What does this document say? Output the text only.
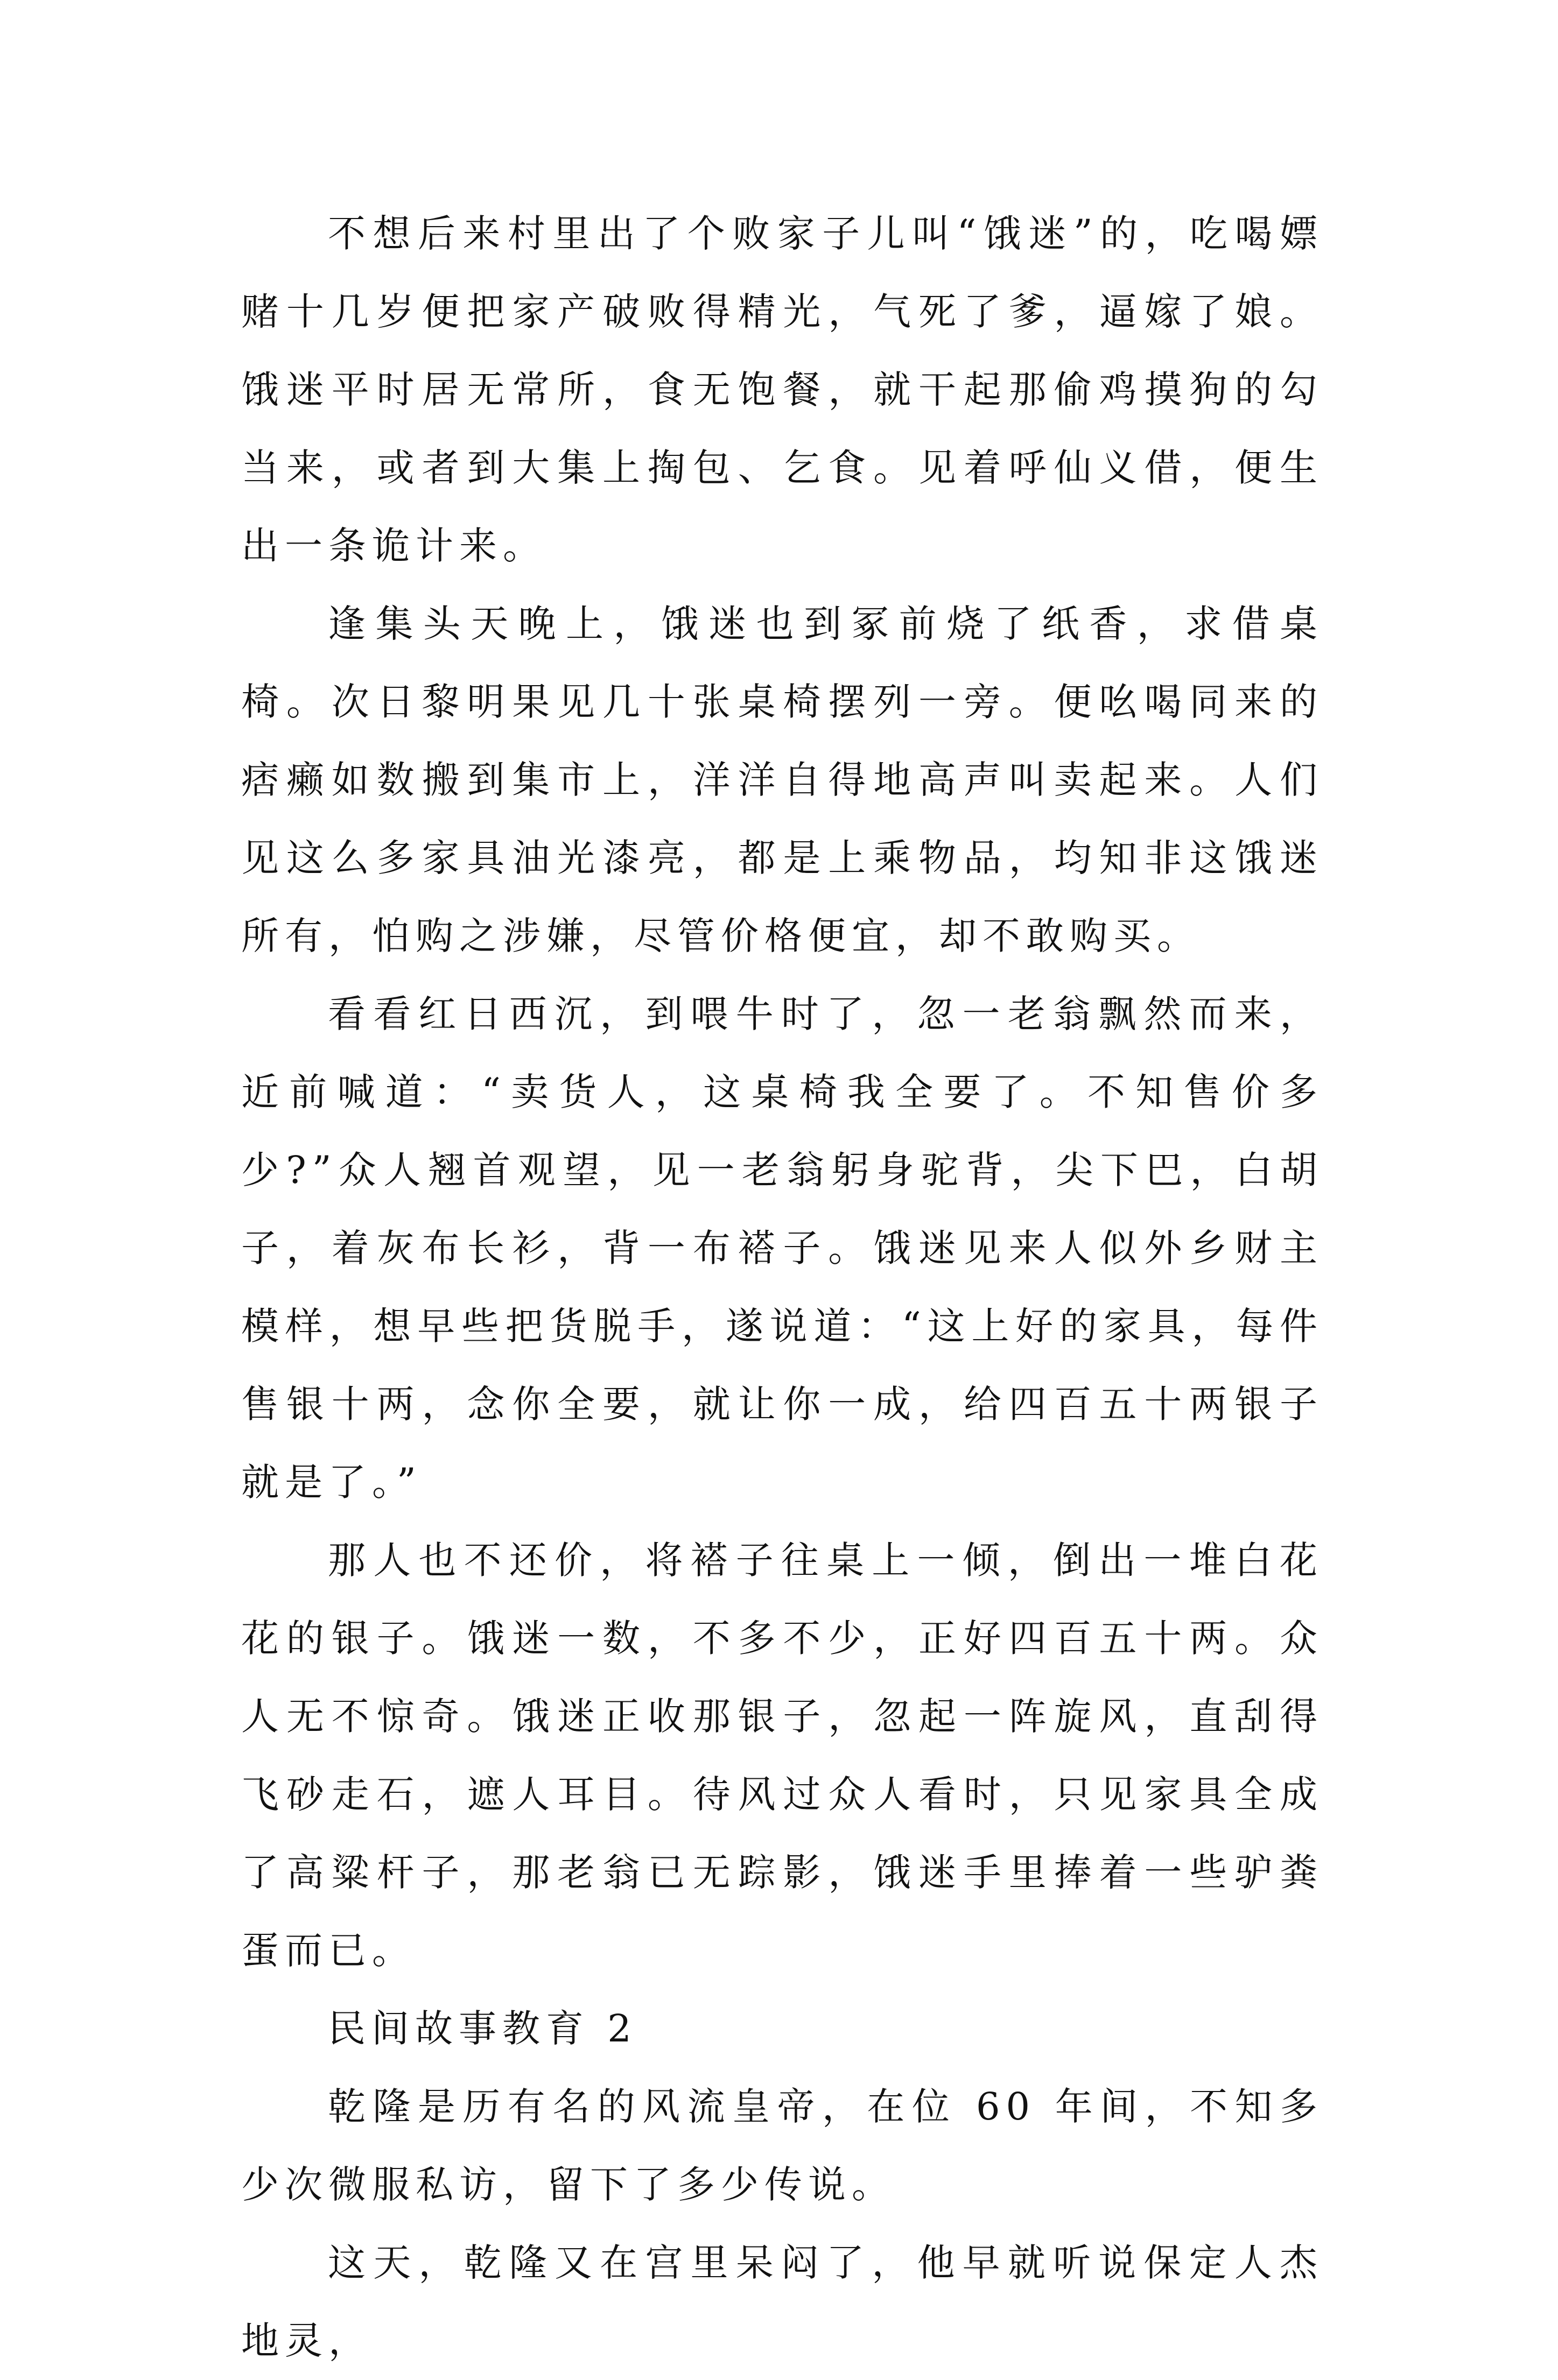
不想后来村里出了个败家子儿叫“饿迷”的，吃喝嫖赌十几岁便把家产破败得精光，气死了爹，逼嫁了娘。饿迷平时居无常所，食无饱餐，就干起那偷鸡摸狗的勾当来，或者到大集上掏包、乞食。见着呼仙义借，便生出一条诡计来。

逢集头天晚上，饿迷也到冢前烧了纸香，求借桌椅。次日黎明果见几十张桌椅摆列一旁。便吆喝同来的痞癞如数搬到集市上，洋洋自得地高声叫卖起来。人们见这么多家具油光漆亮，都是上乘物品，均知非这饿迷所有，怕购之涉嫌，尽管价格便宜，却不敢购买。

看看红日西沉，到喂牛时了，忽一老翁飘然而来，近前喊道：“卖货人，这桌椅我全要了。不知售价多少?”众人翘首观望，见一老翁躬身驼背，尖下巴，白胡子，着灰布长衫，背一布褡子。饿迷见来人似外乡财主模样，想早些把货脱手，遂说道：“这上好的家具，每件售银十两，念你全要，就让你一成，给四百五十两银子就是了。”

那人也不还价，将褡子往桌上一倾，倒出一堆白花花的银子。饿迷一数，不多不少，正好四百五十两。众人无不惊奇。饿迷正收那银子，忽起一阵旋风，直刮得飞砂走石，遮人耳目。待风过众人看时，只见家具全成了高粱杆子，那老翁已无踪影，饿迷手里捧着一些驴粪蛋而已。

民间故事教育 2

乾隆是历有名的风流皇帝，在位 60 年间，不知多少次微服私访，留下了多少传说。

这天，乾隆又在宫里呆闷了，他早就听说保定人杰地灵，
